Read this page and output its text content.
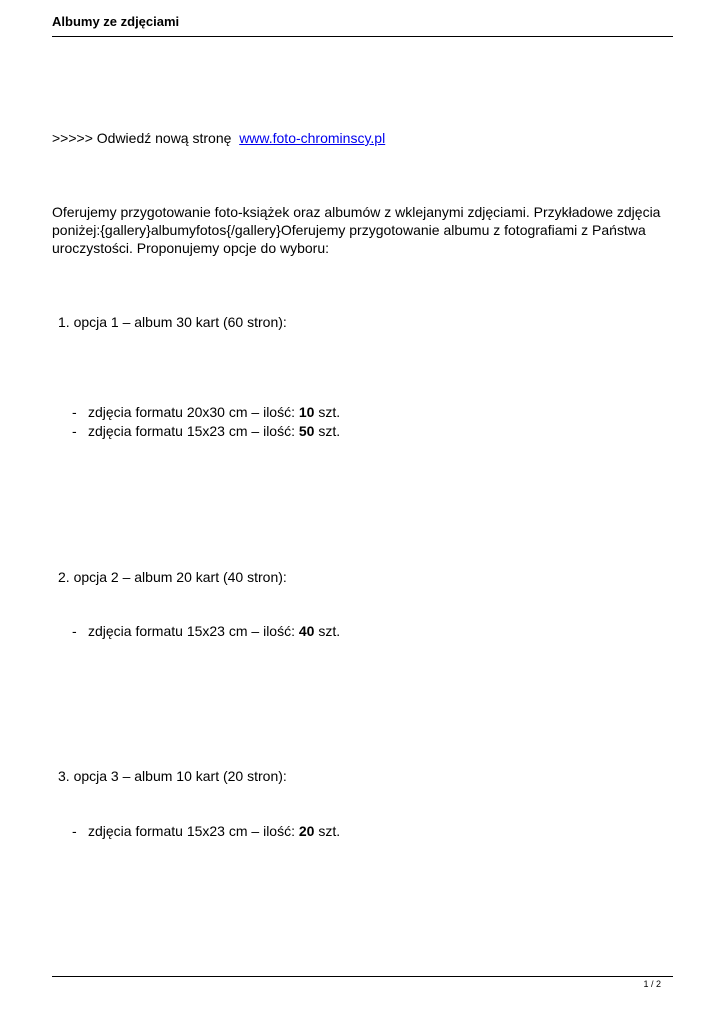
Albumy ze zdjęciami
>>>>> Odwiedź nową stronę www.foto-chrominscy.pl
Oferujemy przygotowanie foto-książek oraz albumów z wklejanymi zdjęciami. Przykładowe zdjęcia poniżej:{gallery}albumyfotos{/gallery}Oferujemy przygotowanie albumu z fotografiami z Państwa uroczystości. Proponujemy opcje do wyboru:
1. opcja 1 – album 30 kart (60 stron):
- zdjęcia formatu 20x30 cm – ilość: 10 szt.
- zdjęcia formatu 15x23 cm – ilość: 50 szt.
2. opcja 2 – album 20 kart (40 stron):
- zdjęcia formatu 15x23 cm – ilość: 40 szt.
3. opcja 3 – album 10 kart (20 stron):
- zdjęcia formatu 15x23 cm – ilość: 20 szt.
1 / 2
